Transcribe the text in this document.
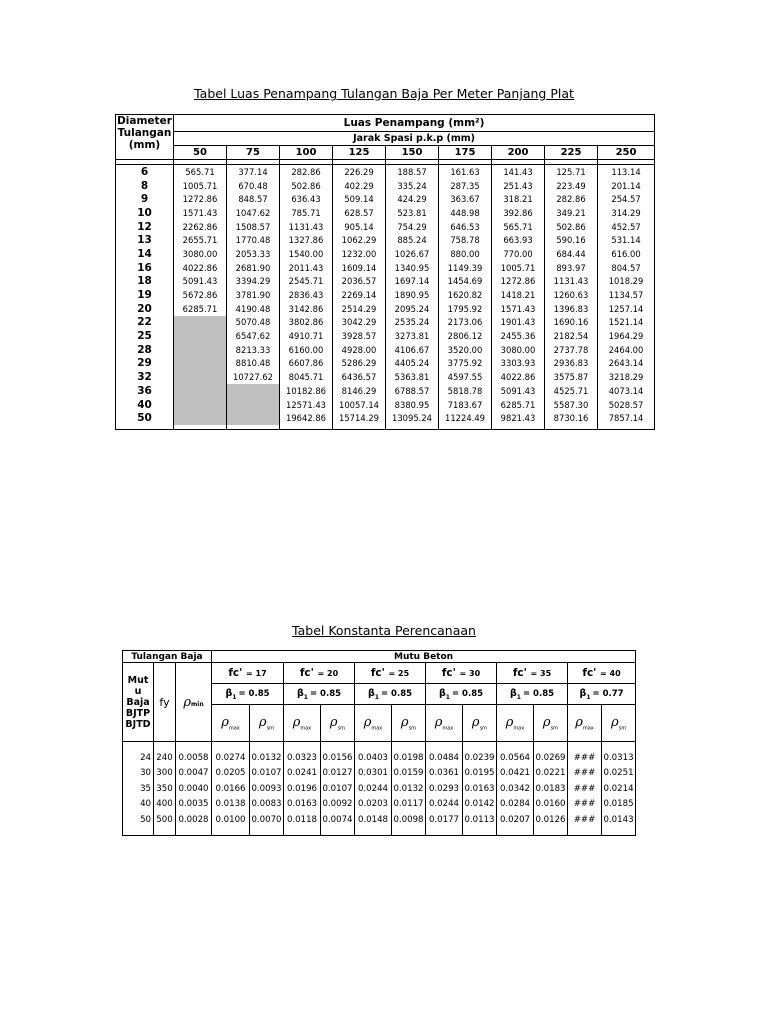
Tabel Luas Penampang Tulangan Baja Per Meter Panjang Plat
Diameter
Tulangan
(mm)	Luas Penampang (mm²)								
	Jarak Spasi p.k.p (mm)								
	50	75	100	125	150	175	200	225	250

6	565.71	377.14	282.86	226.29	188.57	161.63	141.43	125.71	113.14
8	1005.71	670.48	502.86	402.29	335.24	287.35	251.43	223.49	201.14
9	1272.86	848.57	636.43	509.14	424.29	363.67	318.21	282.86	254.57
10	1571.43	1047.62	785.71	628.57	523.81	448.98	392.86	349.21	314.29
12	2262.86	1508.57	1131.43	905.14	754.29	646.53	565.71	502.86	452.57
13	2655.71	1770.48	1327.86	1062.29	885.24	758.78	663.93	590.16	531.14
14	3080.00	2053.33	1540.00	1232.00	1026.67	880.00	770.00	684.44	616.00
16	4022.86	2681.90	2011.43	1609.14	1340.95	1149.39	1005.71	893.97	804.57
18	5091.43	3394.29	2545.71	2036.57	1697.14	1454.69	1272.86	1131.43	1018.29
19	5672.86	3781.90	2836.43	2269.14	1890.95	1620.82	1418.21	1260.63	1134.57
20	6285.71	4190.48	3142.86	2514.29	2095.24	1795.92	1571.43	1396.83	1257.14
22		5070.48	3802.86	3042.29	2535.24	2173.06	1901.43	1690.16	1521.14
25		6547.62	4910.71	3928.57	3273.81	2806.12	2455.36	2182.54	1964.29
28		8213.33	6160.00	4928.00	4106.67	3520.00	3080.00	2737.78	2464.00
29		8810.48	6607.86	5286.29	4405.24	3775.92	3303.93	2936.83	2643.14
32		10727.62	8045.71	6436.57	5363.81	4597.55	4022.86	3575.87	3218.29
36			10182.86	8146.29	6788.57	5818.78	5091.43	4525.71	4073.14
40			12571.43	10057.14	8380.95	7183.67	6285.71	5587.30	5028.57
50			19642.86	15714.29	13095.24	11224.49	9821.43	8730.16	7857.14

Tabel Konstanta Perencanaan
Tulangan Baja			Mutu Beton											

Mut
u
Baja
BJTP
BJTD	fy	ρmin	fc' = 17		fc' = 20		fc' = 25		fc' = 30		fc' = 35		fc' = 40	
			$\beta_1 = 0.85$		$\beta_1 = 0.85$		$\beta_1 = 0.85$		$\beta_1 = 0.85$		$\beta_1 = 0.85$		$\beta_1 = 0.77$	
			$\rho_{max}$	$\rho_{sm}$	$\rho_{max}$	$\rho_{sm}$	$\rho_{max}$	$\rho_{sm}$	$\rho_{max}$	$\rho_{sm}$	$\rho_{max}$	$\rho_{sm}$	$\rho_{max}$	$\rho_{sm}$

24	240	0.0058	0.0274	0.0132	0.0323	0.0156	0.0403	0.0198	0.0484	0.0239	0.0564	0.0269	###	0.0313
30	300	0.0047	0.0205	0.0107	0.0241	0.0127	0.0301	0.0159	0.0361	0.0195	0.0421	0.0221	###	0.0251
35	350	0.0040	0.0166	0.0093	0.0196	0.0107	0.0244	0.0132	0.0293	0.0163	0.0342	0.0183	###	0.0214
40	400	0.0035	0.0138	0.0083	0.0163	0.0092	0.0203	0.0117	0.0244	0.0142	0.0284	0.0160	###	0.0185
50	500	0.0028	0.0100	0.0070	0.0118	0.0074	0.0148	0.0098	0.0177	0.0113	0.0207	0.0126	###	0.0143
